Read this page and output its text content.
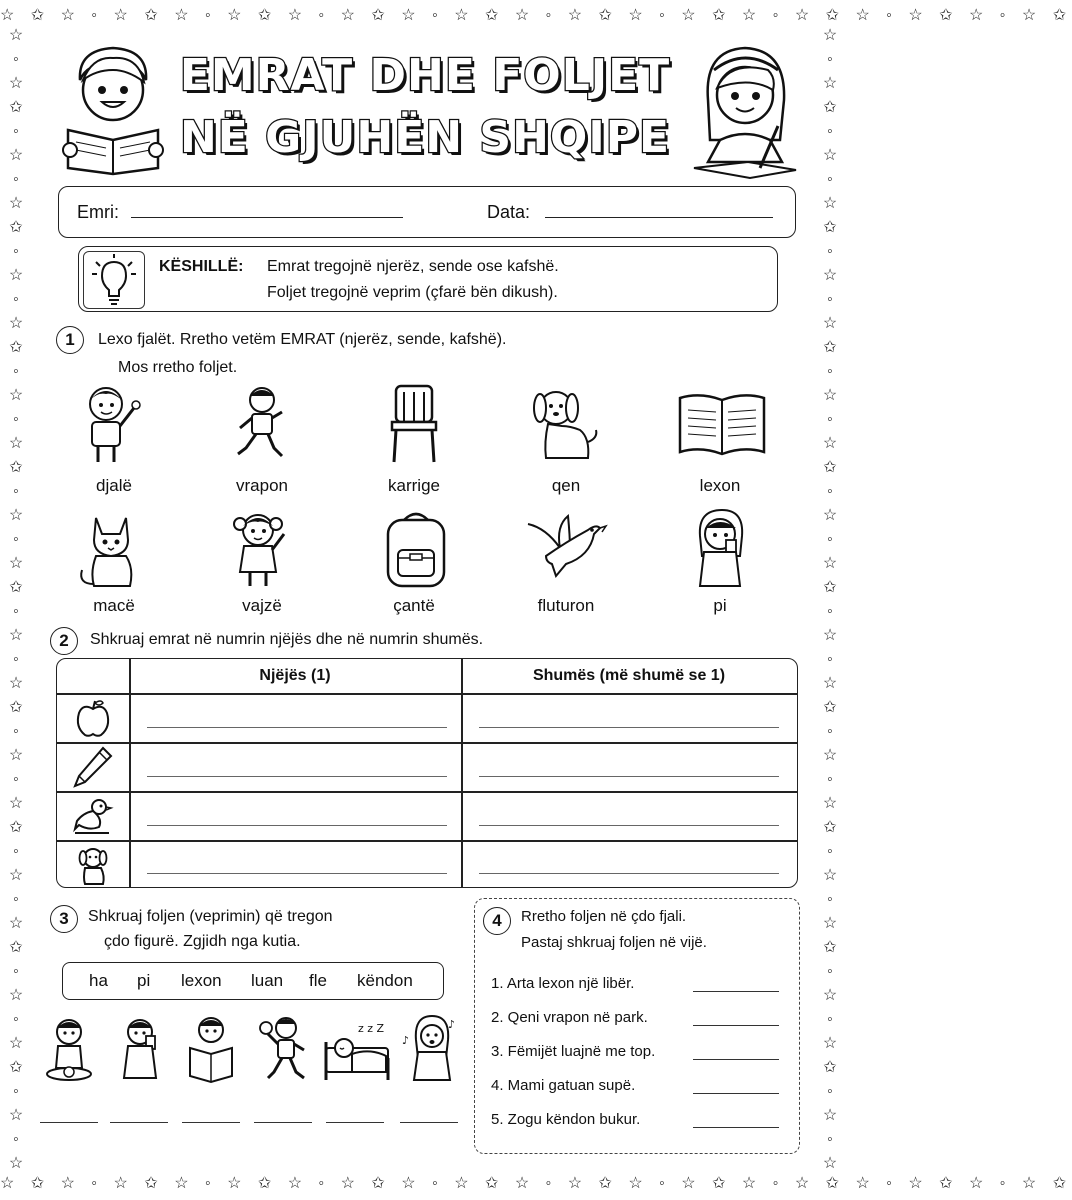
☆ ✩ ☆ ◦ ☆ ✩ ☆ ◦ ☆ ✩ ☆ ◦ ☆ ✩ ☆ ◦ ☆ ✩ ☆ ◦ ☆ ✩ ☆ ◦ ☆ ✩ ☆ ◦ ☆ ✩ ☆ ◦ ☆ ✩ ☆ ◦ ☆ ✩
☆ ✩ ☆ ◦ ☆ ✩ ☆ ◦ ☆ ✩ ☆ ◦ ☆ ✩ ☆ ◦ ☆ ✩ ☆ ◦ ☆ ✩ ☆ ◦ ☆ ✩ ☆ ◦ ☆ ✩ ☆ ◦ ☆ ✩ ☆ ◦ ☆ ✩
☆
◦
☆
✩
◦
☆
◦
☆
✩
◦
☆
◦
☆
✩
◦
☆
◦
☆
✩
◦
☆
◦
☆
✩
◦
☆
◦
☆
✩
◦
☆
◦
☆
✩
◦
☆
◦
☆
✩
◦
☆
◦
☆
✩
◦
☆
◦
☆
☆
◦
☆
✩
◦
☆
◦
☆
✩
◦
☆
◦
☆
✩
◦
☆
◦
☆
✩
◦
☆
◦
☆
✩
◦
☆
◦
☆
✩
◦
☆
◦
☆
✩
◦
☆
◦
☆
✩
◦
☆
◦
☆
✩
◦
☆
◦
☆
EMRAT DHE FOLJET
NË GJUHËN SHQIPE
Emri:	Data:
KËSHILLË: Emrat tregojnë njerëz, sende ose kafshë.
Foljet tregojnë veprim (çfarë bën dikush).
1	Lexo fjalët. Rretho vetëm EMRAT (njerëz, sende, kafshë).
Mos rretho foljet.
djalë	vrapon	karrige	qen	lexon
macë	vajzë	çantë	fluturon	pi
2	Shkruaj emrat në numrin njëjës dhe në numrin shumës.
Njëjës (1)	Shumës (më shumë se 1)
3	Shkruaj foljen (veprimin) që tregon
çdo figurë. Zgjidh nga kutia.
ha pi lexon luan fle këndon
z z Z	♪
♪
4	Rretho foljen në çdo fjali.
Pastaj shkruaj foljen në vijë.
1. Arta lexon një libër.
2. Qeni vrapon në park.
3. Fëmijët luajnë me top.
4. Mami gatuan supë.
5. Zogu këndon bukur.
